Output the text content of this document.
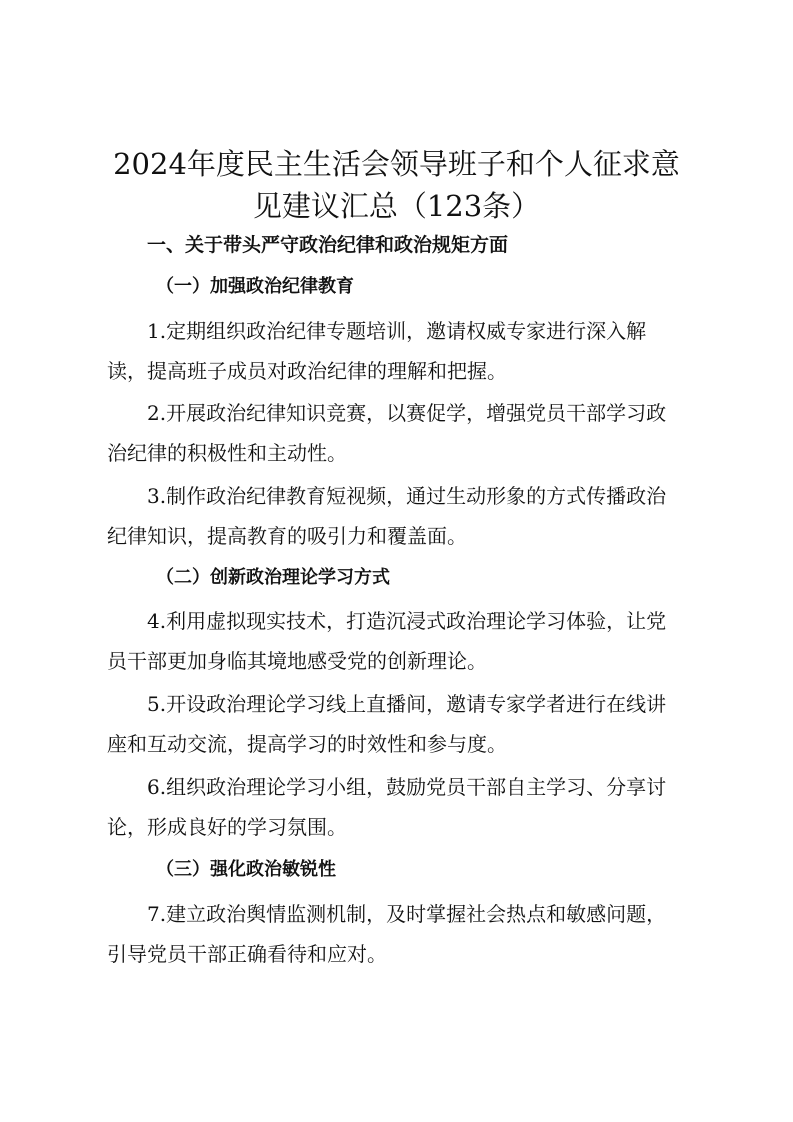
2024年度民主生活会领导班子和个人征求意
见建议汇总（123条）
一、关于带头严守政治纪律和政治规矩方面
（一）加强政治纪律教育
1.定期组织政治纪律专题培训，邀请权威专家进行深入解
读，提高班子成员对政治纪律的理解和把握。
2.开展政治纪律知识竞赛，以赛促学，增强党员干部学习政
治纪律的积极性和主动性。
3.制作政治纪律教育短视频，通过生动形象的方式传播政治
纪律知识，提高教育的吸引力和覆盖面。
（二）创新政治理论学习方式
4.利用虚拟现实技术，打造沉浸式政治理论学习体验，让党
员干部更加身临其境地感受党的创新理论。
5.开设政治理论学习线上直播间，邀请专家学者进行在线讲
座和互动交流，提高学习的时效性和参与度。
6.组织政治理论学习小组，鼓励党员干部自主学习、分享讨
论，形成良好的学习氛围。
（三）强化政治敏锐性
7.建立政治舆情监测机制，及时掌握社会热点和敏感问题，
引导党员干部正确看待和应对。
